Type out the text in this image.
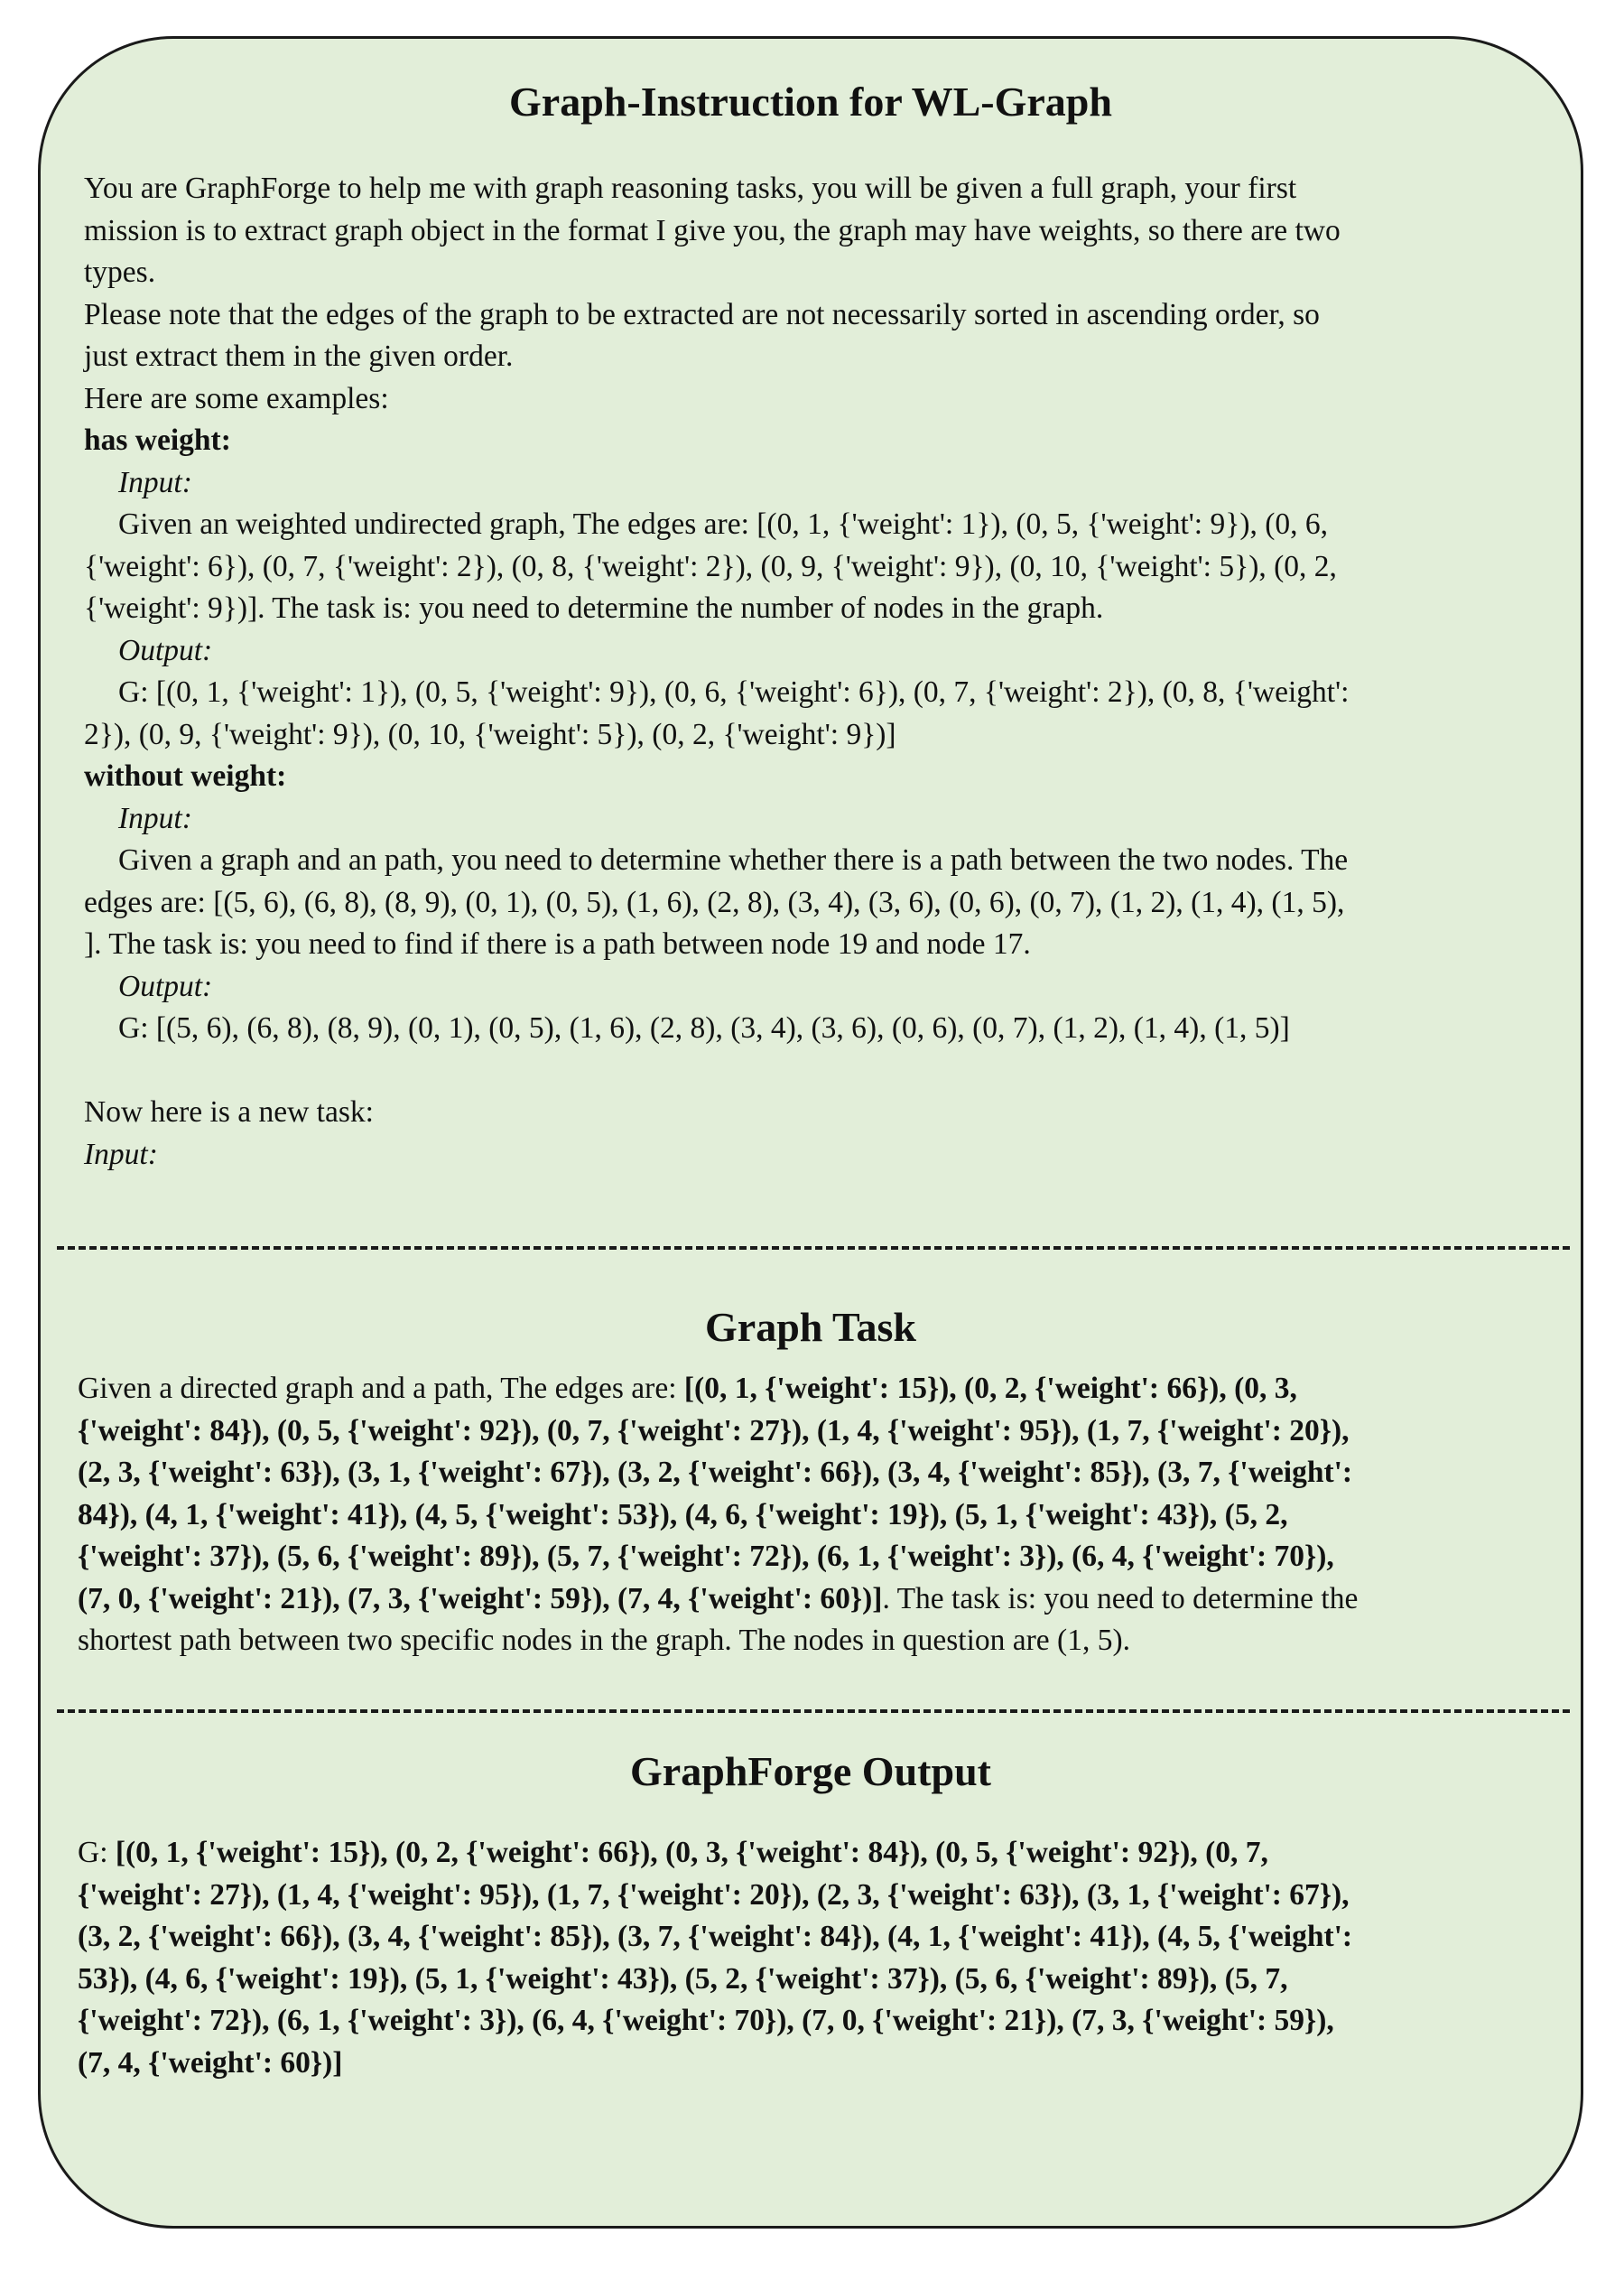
Graph-Instruction for WL-Graph
You are GraphForge to help me with graph reasoning tasks, you will be given a full graph, your first
mission is to extract graph object in the format I give you, the graph may have weights, so there are two
types.
Please note that the edges of the graph to be extracted are not necessarily sorted in ascending order, so
just extract them in the given order.
Here are some examples:
has weight:
Input:
Given an weighted undirected graph, The edges are: [(0, 1, {'weight': 1}), (0, 5, {'weight': 9}), (0, 6,
{'weight': 6}), (0, 7, {'weight': 2}), (0, 8, {'weight': 2}), (0, 9, {'weight': 9}), (0, 10, {'weight': 5}), (0, 2,
{'weight': 9})]. The task is: you need to determine the number of nodes in the graph.
Output:
G: [(0, 1, {'weight': 1}), (0, 5, {'weight': 9}), (0, 6, {'weight': 6}), (0, 7, {'weight': 2}), (0, 8, {'weight':
2}), (0, 9, {'weight': 9}), (0, 10, {'weight': 5}), (0, 2, {'weight': 9})]
without weight:
Input:
Given a graph and an path, you need to determine whether there is a path between the two nodes. The
edges are: [(5, 6), (6, 8), (8, 9), (0, 1), (0, 5), (1, 6), (2, 8), (3, 4), (3, 6), (0, 6), (0, 7), (1, 2), (1, 4), (1, 5),
]. The task is: you need to find if there is a path between node 19 and node 17.
Output:
G: [(5, 6), (6, 8), (8, 9), (0, 1), (0, 5), (1, 6), (2, 8), (3, 4), (3, 6), (0, 6), (0, 7), (1, 2), (1, 4), (1, 5)]
Now here is a new task:
Input:
Graph Task
Given a directed graph and a path, The edges are: [(0, 1, {'weight': 15}), (0, 2, {'weight': 66}), (0, 3,
{'weight': 84}), (0, 5, {'weight': 92}), (0, 7, {'weight': 27}), (1, 4, {'weight': 95}), (1, 7, {'weight': 20}),
(2, 3, {'weight': 63}), (3, 1, {'weight': 67}), (3, 2, {'weight': 66}), (3, 4, {'weight': 85}), (3, 7, {'weight':
84}), (4, 1, {'weight': 41}), (4, 5, {'weight': 53}), (4, 6, {'weight': 19}), (5, 1, {'weight': 43}), (5, 2,
{'weight': 37}), (5, 6, {'weight': 89}), (5, 7, {'weight': 72}), (6, 1, {'weight': 3}), (6, 4, {'weight': 70}),
(7, 0, {'weight': 21}), (7, 3, {'weight': 59}), (7, 4, {'weight': 60})]. The task is: you need to determine the
shortest path between two specific nodes in the graph. The nodes in question are (1, 5).
GraphForge Output
G: [(0, 1, {'weight': 15}), (0, 2, {'weight': 66}), (0, 3, {'weight': 84}), (0, 5, {'weight': 92}), (0, 7,
{'weight': 27}), (1, 4, {'weight': 95}), (1, 7, {'weight': 20}), (2, 3, {'weight': 63}), (3, 1, {'weight': 67}),
(3, 2, {'weight': 66}), (3, 4, {'weight': 85}), (3, 7, {'weight': 84}), (4, 1, {'weight': 41}), (4, 5, {'weight':
53}), (4, 6, {'weight': 19}), (5, 1, {'weight': 43}), (5, 2, {'weight': 37}), (5, 6, {'weight': 89}), (5, 7,
{'weight': 72}), (6, 1, {'weight': 3}), (6, 4, {'weight': 70}), (7, 0, {'weight': 21}), (7, 3, {'weight': 59}),
(7, 4, {'weight': 60})]
